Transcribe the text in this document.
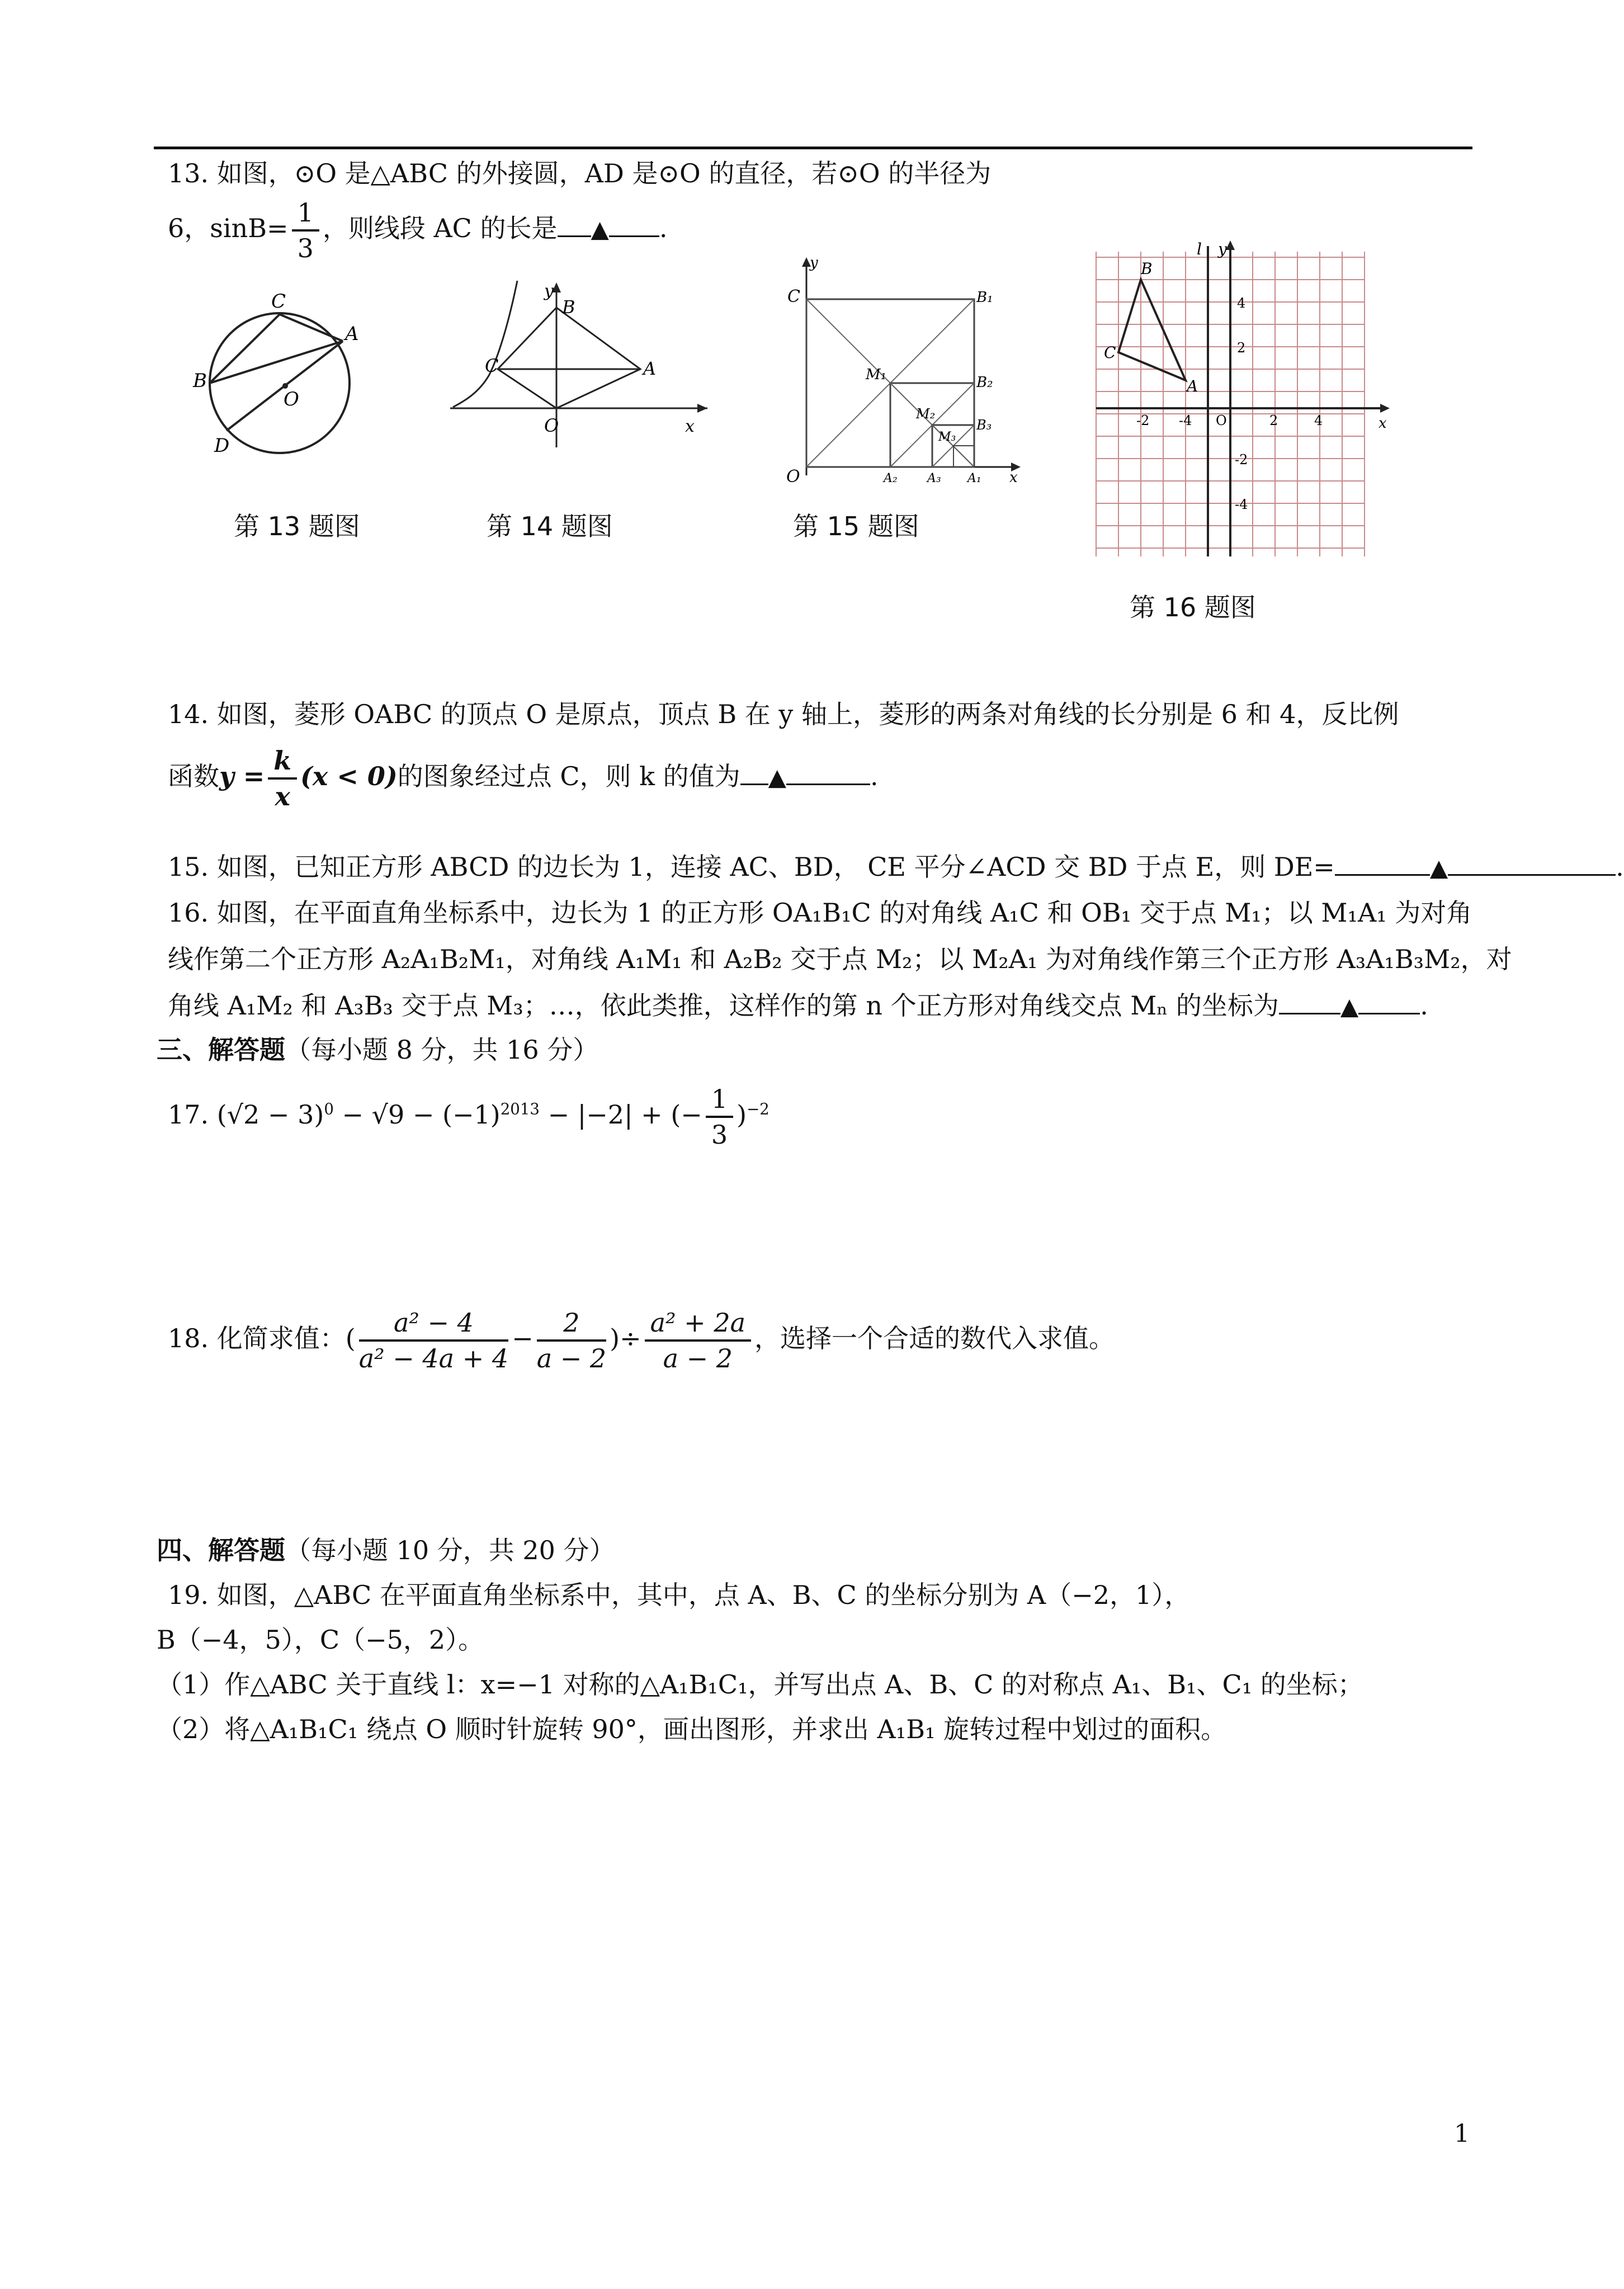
13. 如图，⊙O 是△ABC 的外接圆，AD 是⊙O 的直径，若⊙O 的半径为
6，$\sin B= \frac{1}{3}$ ，则线段 AC 的长是 ▲ .
C
A
B
O
D
第 13 题图
y
B
C	A
O	x
第 14 题图
y
C	B₁
M₁	B₂
M₂
B₃
M₃
O	A₁
A₂ A₃	x
第 15 题图
l y
B
C
A
x
4
2
-2 -4 O	2	4
-4
-2
第 16 题图
14. 如图，菱形 OABC 的顶点 O 是原点，顶点 B 在 y 轴上，菱形的两条对角线的长分别是 6 和 4，反比例
函数$y = \frac{k}{x} (x < 0)$的图象经过点 C，则 k 的值为 ▲	.
15. 如图，已知正方形 ABCD 的边长为 1，连接 AC、BD， CE 平分∠ACD 交 BD 于点 E，则 DE=	▲	.
16. 如图，在平面直角坐标系中，边长为 1 的正方形 OA₁B₁C 的对角线 A₁C 和 OB₁ 交于点 M₁；以 M₁A₁ 为对角
线作第二个正方形 A₂A₁B₂M₁，对角线 A₁M₁ 和 A₂B₂ 交于点 M₂；以 M₂A₁ 为对角线作第三个正方形 A₃A₁B₃M₂，对
角线 A₁M₂ 和 A₃B₃ 交于点 M₃；…，依此类推，这样作的第 n 个正方形对角线交点 Mₙ 的坐标为	▲ .
三、解答题（每小题 8 分，共 16 分）
17. $(√2 - 3)^0 - √9 - (-1)^{2013} - |-2|$ + (− $\frac{1}{3} )^{-2}$
18. 化简求值：( $\frac{\text{a² − 4}}{\text{a² − 4a + 4}} - \frac{2}{a - 2}$ )÷ $\frac{\text{a² + 2a}}{a - 2}$ ，选择一个合适的数代入求值。
四、解答题（每小题 10 分，共 20 分）
19. 如图，△ABC 在平面直角坐标系中，其中，点 A、B、C 的坐标分别为 A（−2，1），
B（−4，5），C（−5，2）。
（1）作△ABC 关于直线 l：x=−1 对称的△A₁B₁C₁，并写出点 A、B、C 的对称点 A₁、B₁、C₁ 的坐标；
（2）将△A₁B₁C₁ 绕点 O 顺时针旋转 90°，画出图形，并求出 A₁B₁ 旋转过程中划过的面积。
1
